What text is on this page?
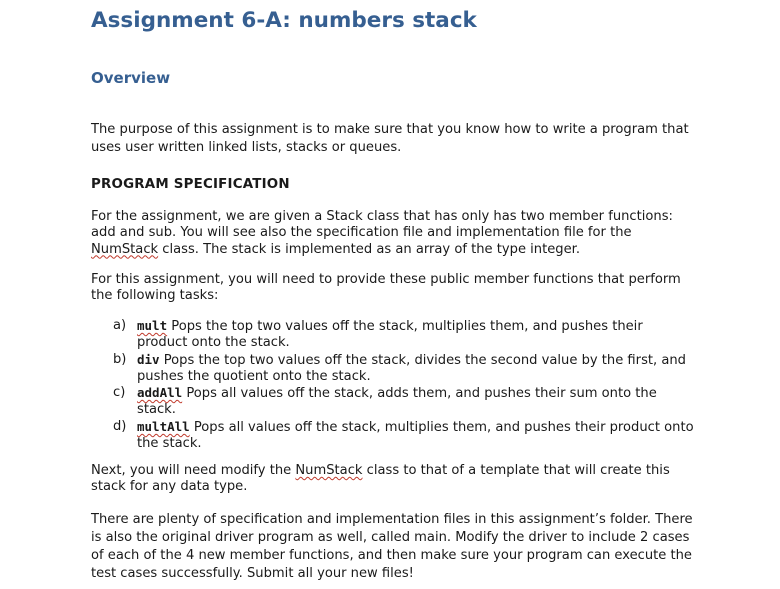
Assignment 6-A: numbers stack
Overview

The purpose of this assignment is to make sure that you know how to write a program that uses user written linked lists, stacks or queues.

PROGRAM SPECIFICATION

For the assignment, we are given a Stack class that has only has two member functions: add and sub. You will see also the specification file and implementation file for the NumStack class. The stack is implemented as an array of the type integer.

For this assignment, you will need to provide these public member functions that perform the following tasks:

a) mult Pops the top two values off the stack, multiplies them, and pushes their product onto the stack.
b) div Pops the top two values off the stack, divides the second value by the first, and pushes the quotient onto the stack.
c) addAll Pops all values off the stack, adds them, and pushes their sum onto the stack.
d) multAll Pops all values off the stack, multiplies them, and pushes their product onto the stack.

Next, you will need modify the NumStack class to that of a template that will create this stack for any data type.

There are plenty of specification and implementation files in this assignment’s folder. There is also the original driver program as well, called main. Modify the driver to include 2 cases of each of the 4 new member functions, and then make sure your program can execute the test cases successfully. Submit all your new files!
